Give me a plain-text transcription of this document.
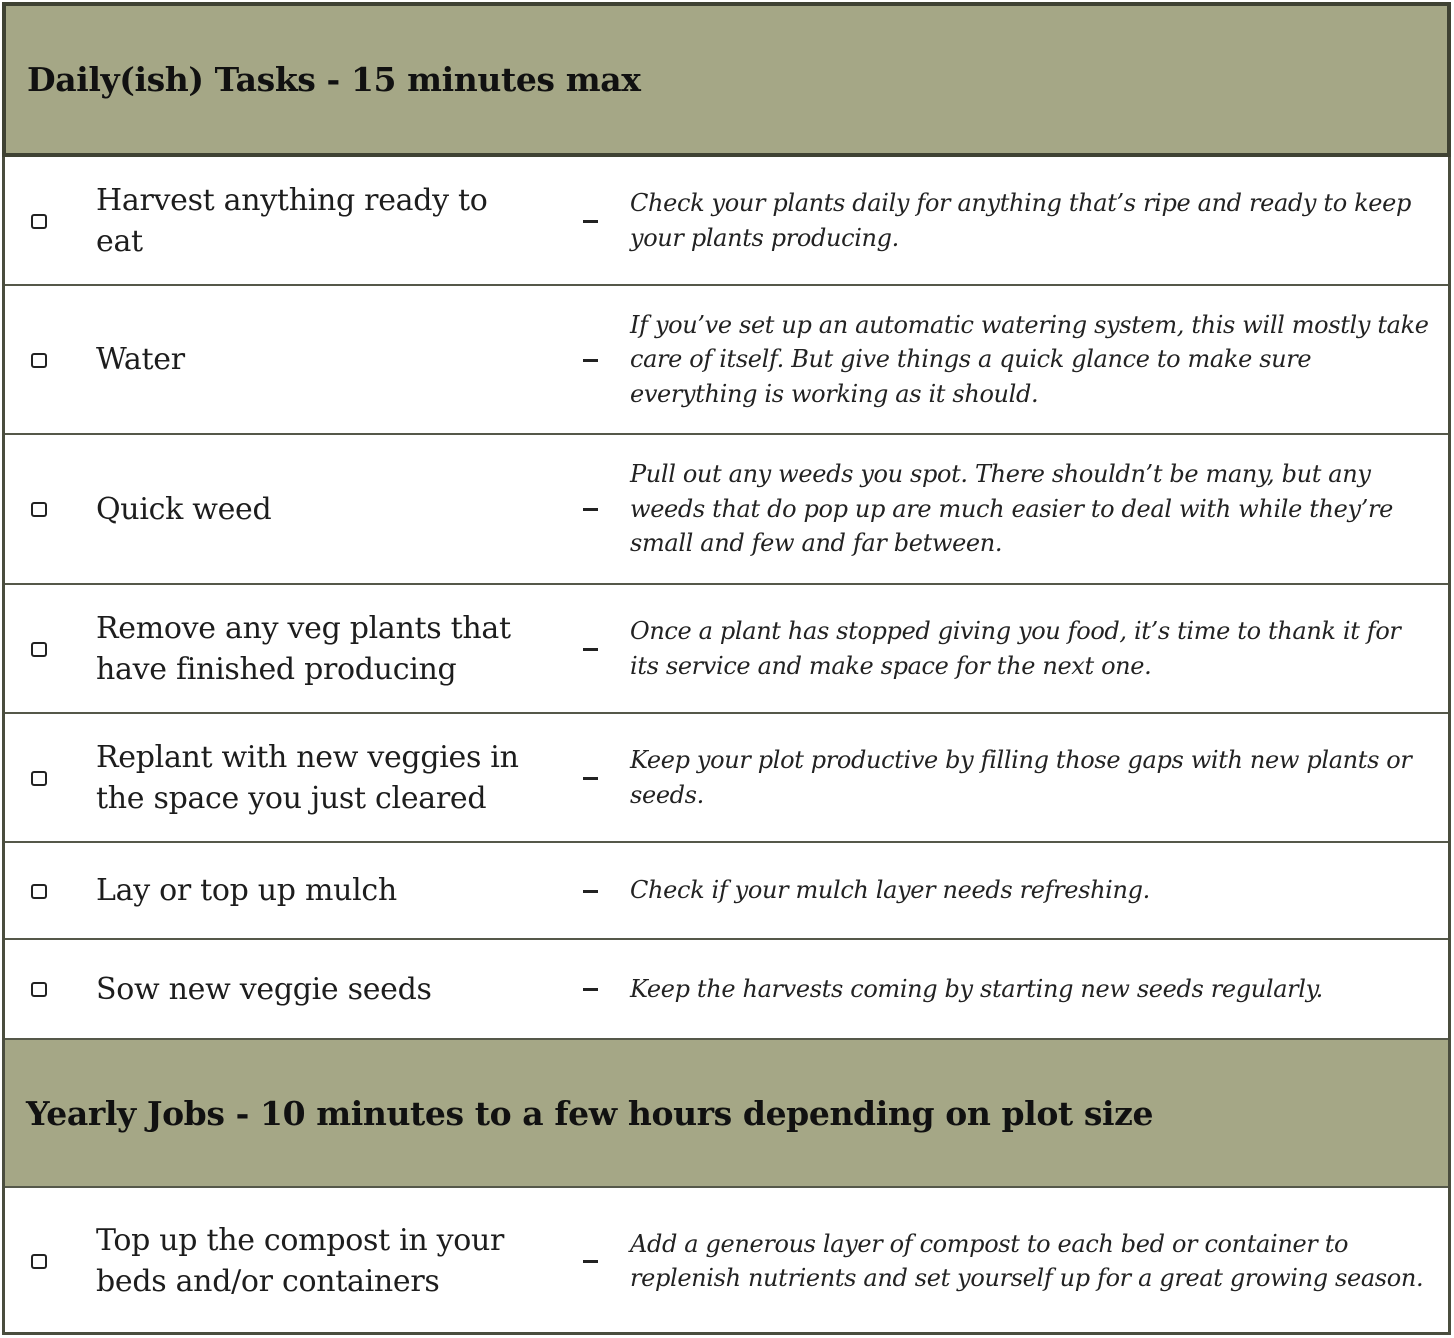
Daily(ish) Tasks - 15 minutes max
Harvest anything ready to eat
Check your plants daily for anything that’s ripe and ready to keep your plants producing.
Water
If you’ve set up an automatic watering system, this will mostly take care of itself. But give things a quick glance to make sure everything is working as it should.
Quick weed
Pull out any weeds you spot. There shouldn’t be many, but any weeds that do pop up are much easier to deal with while they’re small and few and far between.
Remove any veg plants that have finished producing
Once a plant has stopped giving you food, it’s time to thank it for its service and make space for the next one.
Replant with new veggies in the space you just cleared
Keep your plot productive by filling those gaps with new plants or seeds.
Lay or top up mulch	Check if your mulch layer needs refreshing.
Sow new veggie seeds	Keep the harvests coming by starting new seeds regularly.
Yearly Jobs - 10 minutes to a few hours depending on plot size
Top up the compost in your beds and/or containers
Add a generous layer of compost to each bed or container to replenish nutrients and set yourself up for a great growing season.
